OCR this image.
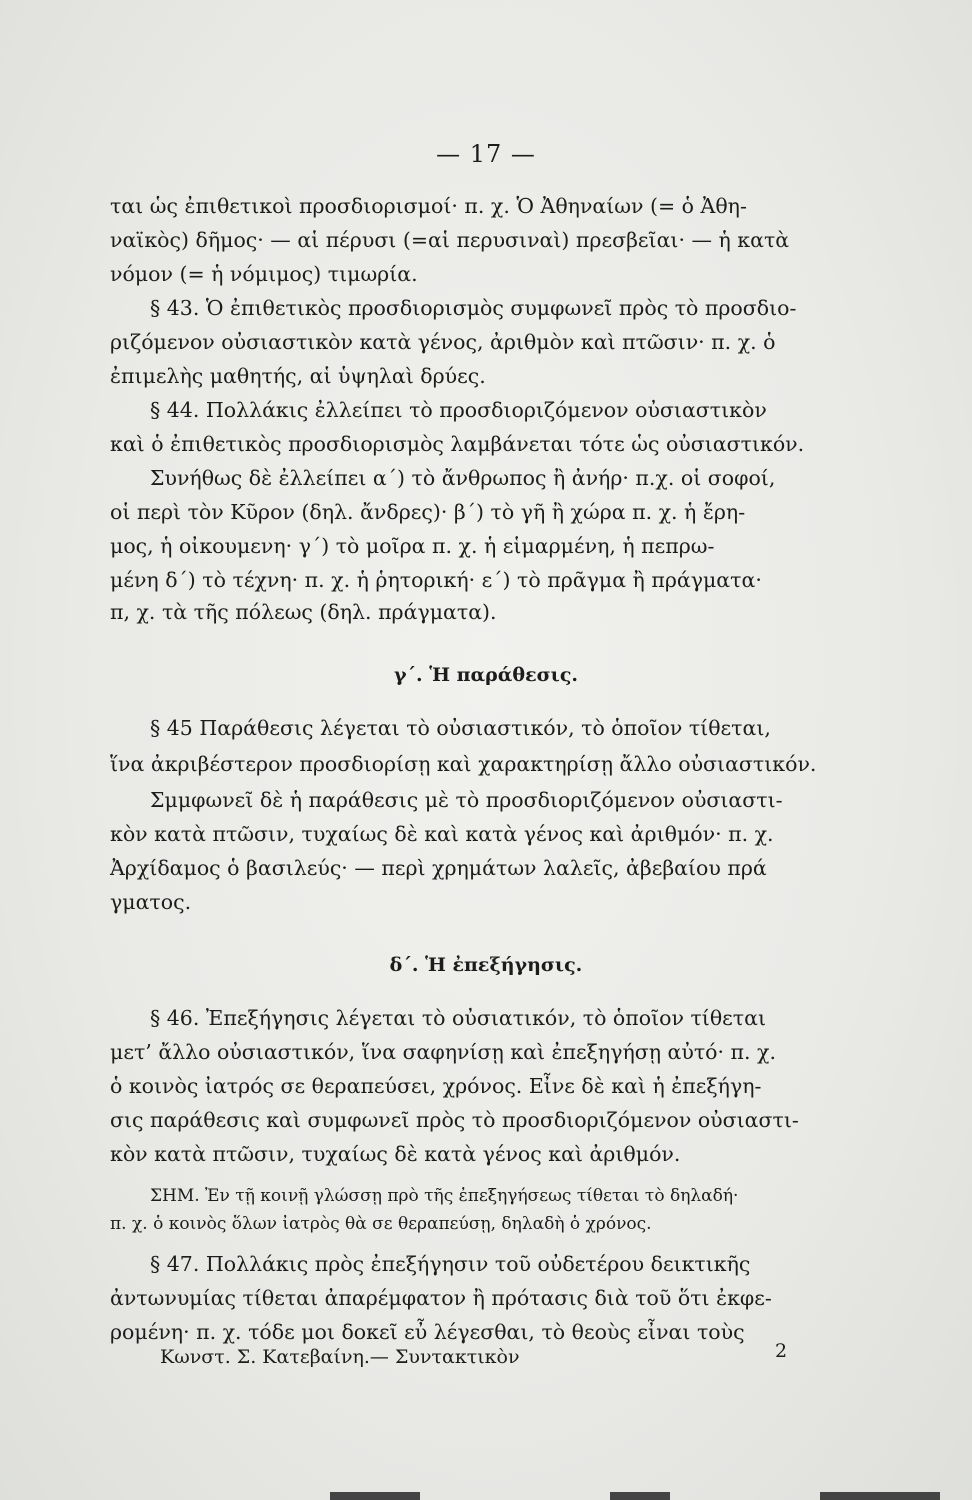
— 17 —
ται ὡς ἐπιθετικοὶ προσδιορισμοί· π. χ. Ὁ Ἀθηναίων (= ὁ Ἀθη-
ναϊκὸς) δῆμος· — αἱ πέρυσι (=αἱ περυσιναὶ) πρεσβεῖαι· — ἡ κατὰ
νόμον (= ἡ νόμιμος) τιμωρία.
§ 43. Ὁ ἐπιθετικὸς προσδιορισμὸς συμφωνεῖ πρὸς τὸ προσδιο-
ριζόμενον οὐσιαστικὸν κατὰ γένος, ἀριθμὸν καὶ πτῶσιν· π. χ. ὁ
ἐπιμελὴς μαθητής, αἱ ὑψηλαὶ δρύες.
§ 44. Πολλάκις ἐλλείπει τὸ προσδιοριζόμενον οὐσιαστικὸν
καὶ ὁ ἐπιθετικὸς προσδιορισμὸς λαμβάνεται τότε ὡς οὐσιαστικόν.
Συνήθως δὲ ἐλλείπει α΄) τὸ ἄνθρωπος ἢ ἀνήρ· π.χ. οἱ σοφοί,
οἱ περὶ τὸν Κῦρον (δηλ. ἄνδρες)· β΄) τὸ γῆ ἢ χώρα π. χ. ἡ ἔρη-
μος, ἡ οἰκουμενη· γ΄) τὸ μοῖρα π. χ. ἡ εἱμαρμένη, ἡ πεπρω-
μένη δ΄) τὸ τέχνη· π. χ. ἡ ῥητορική· ε΄) τὸ πρᾶγμα ἢ πράγματα·
π, χ. τὰ τῆς πόλεως (δηλ. πράγματα).
γ΄. Ἡ παράθεσις.
§ 45 Παράθεσις λέγεται τὸ οὐσιαστικόν, τὸ ὁποῖον τίθεται,
ἵνα ἀκριβέστερον προσδιορίσῃ καὶ χαρακτηρίσῃ ἄλλο οὐσιαστικόν.
Σμμφωνεῖ δὲ ἡ παράθεσις μὲ τὸ προσδιοριζόμενον οὐσιαστι-
κὸν κατὰ πτῶσιν, τυχαίως δὲ καὶ κατὰ γένος καὶ ἀριθμόν· π. χ.
Ἀρχίδαμος ὁ βασιλεύς· — περὶ χρημάτων λαλεῖς, ἀβεβαίου πρά
γματος.
δ΄. Ἡ ἐπεξήγησις.
§ 46. Ἐπεξήγησις λέγεται τὸ οὐσιατικόν, τὸ ὁποῖον τίθεται
μετ’ ἄλλο οὐσιαστικόν, ἵνα σαφηνίσῃ καὶ ἐπεξηγήσῃ αὐτό· π. χ.
ὁ κοινὸς ἰατρός σε θεραπεύσει, χρόνος. Εἶνε δὲ καὶ ἡ ἐπεξήγη-
σις παράθεσις καὶ συμφωνεῖ πρὸς τὸ προσδιοριζόμενον οὐσιαστι-
κὸν κατὰ πτῶσιν, τυχαίως δὲ κατὰ γένος καὶ ἀριθμόν.
ΣΗΜ. Ἐν τῇ κοινῇ γλώσσῃ πρὸ τῆς ἐπεξηγήσεως τίθεται τὸ δηλαδή·
π. χ. ὁ κοινὸς ὅλων ἰατρὸς θὰ σε θεραπεύσῃ, δηλαδὴ ὁ χρόνος.
§ 47. Πολλάκις πρὸς ἐπεξήγησιν τοῦ οὐδετέρου δεικτικῆς
ἀντωνυμίας τίθεται ἀπαρέμφατον ἢ πρότασις διὰ τοῦ ὅτι ἐκφε-
ρομένη· π. χ. τόδε μοι δοκεῖ εὖ λέγεσθαι, τὸ θεοὺς εἶναι τοὺς
Κωνστ. Σ. Κατεβαίνη.— Συντακτικὸν	2
